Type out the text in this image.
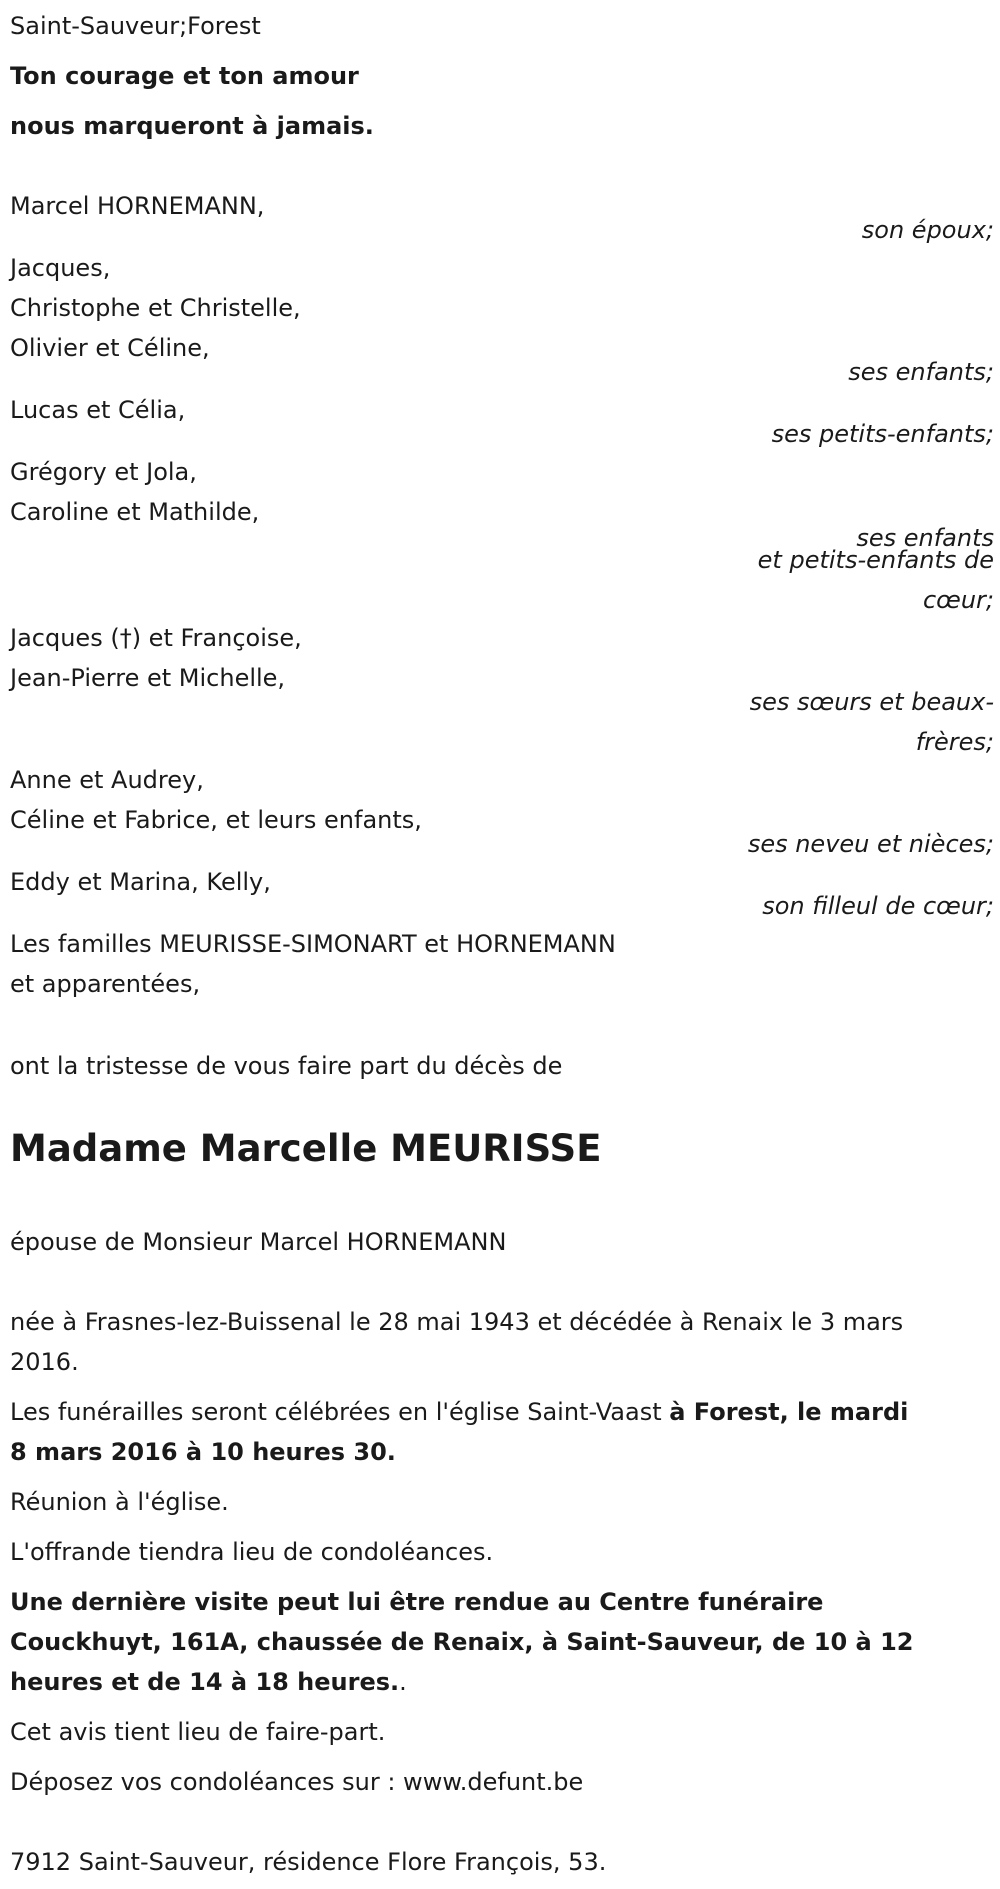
Saint-Sauveur;Forest
Ton courage et ton amour
nous marqueront à jamais.
Marcel HORNEMANN,
son époux;
Jacques,
Christophe et Christelle,
Olivier et Céline,
ses enfants;
Lucas et Célia,
ses petits-enfants;
Grégory et Jola,
Caroline et Mathilde,
ses enfants
et petits-enfants de
cœur;
Jacques (†) et Françoise,
Jean-Pierre et Michelle,
ses sœurs et beaux-
frères;
Anne et Audrey,
Céline et Fabrice, et leurs enfants,
ses neveu et nièces;
Eddy et Marina, Kelly,
son filleul de cœur;
Les familles MEURISSE-SIMONART et HORNEMANN
et apparentées,
ont la tristesse de vous faire part du décès de
Madame Marcelle MEURISSE
épouse de Monsieur Marcel HORNEMANN
née à Frasnes-lez-Buissenal le 28 mai 1943 et décédée à Renaix le 3 mars
2016.
Les funérailles seront célébrées en l'église Saint-Vaast à Forest, le mardi
8 mars 2016 à 10 heures 30.
Réunion à l'église.
L'offrande tiendra lieu de condoléances.
Une dernière visite peut lui être rendue au Centre funéraire
Couckhuyt, 161A, chaussée de Renaix, à Saint-Sauveur, de 10 à 12
heures et de 14 à 18 heures..
Cet avis tient lieu de faire-part.
Déposez vos condoléances sur : www.defunt.be
7912 Saint-Sauveur, résidence Flore François, 53.
